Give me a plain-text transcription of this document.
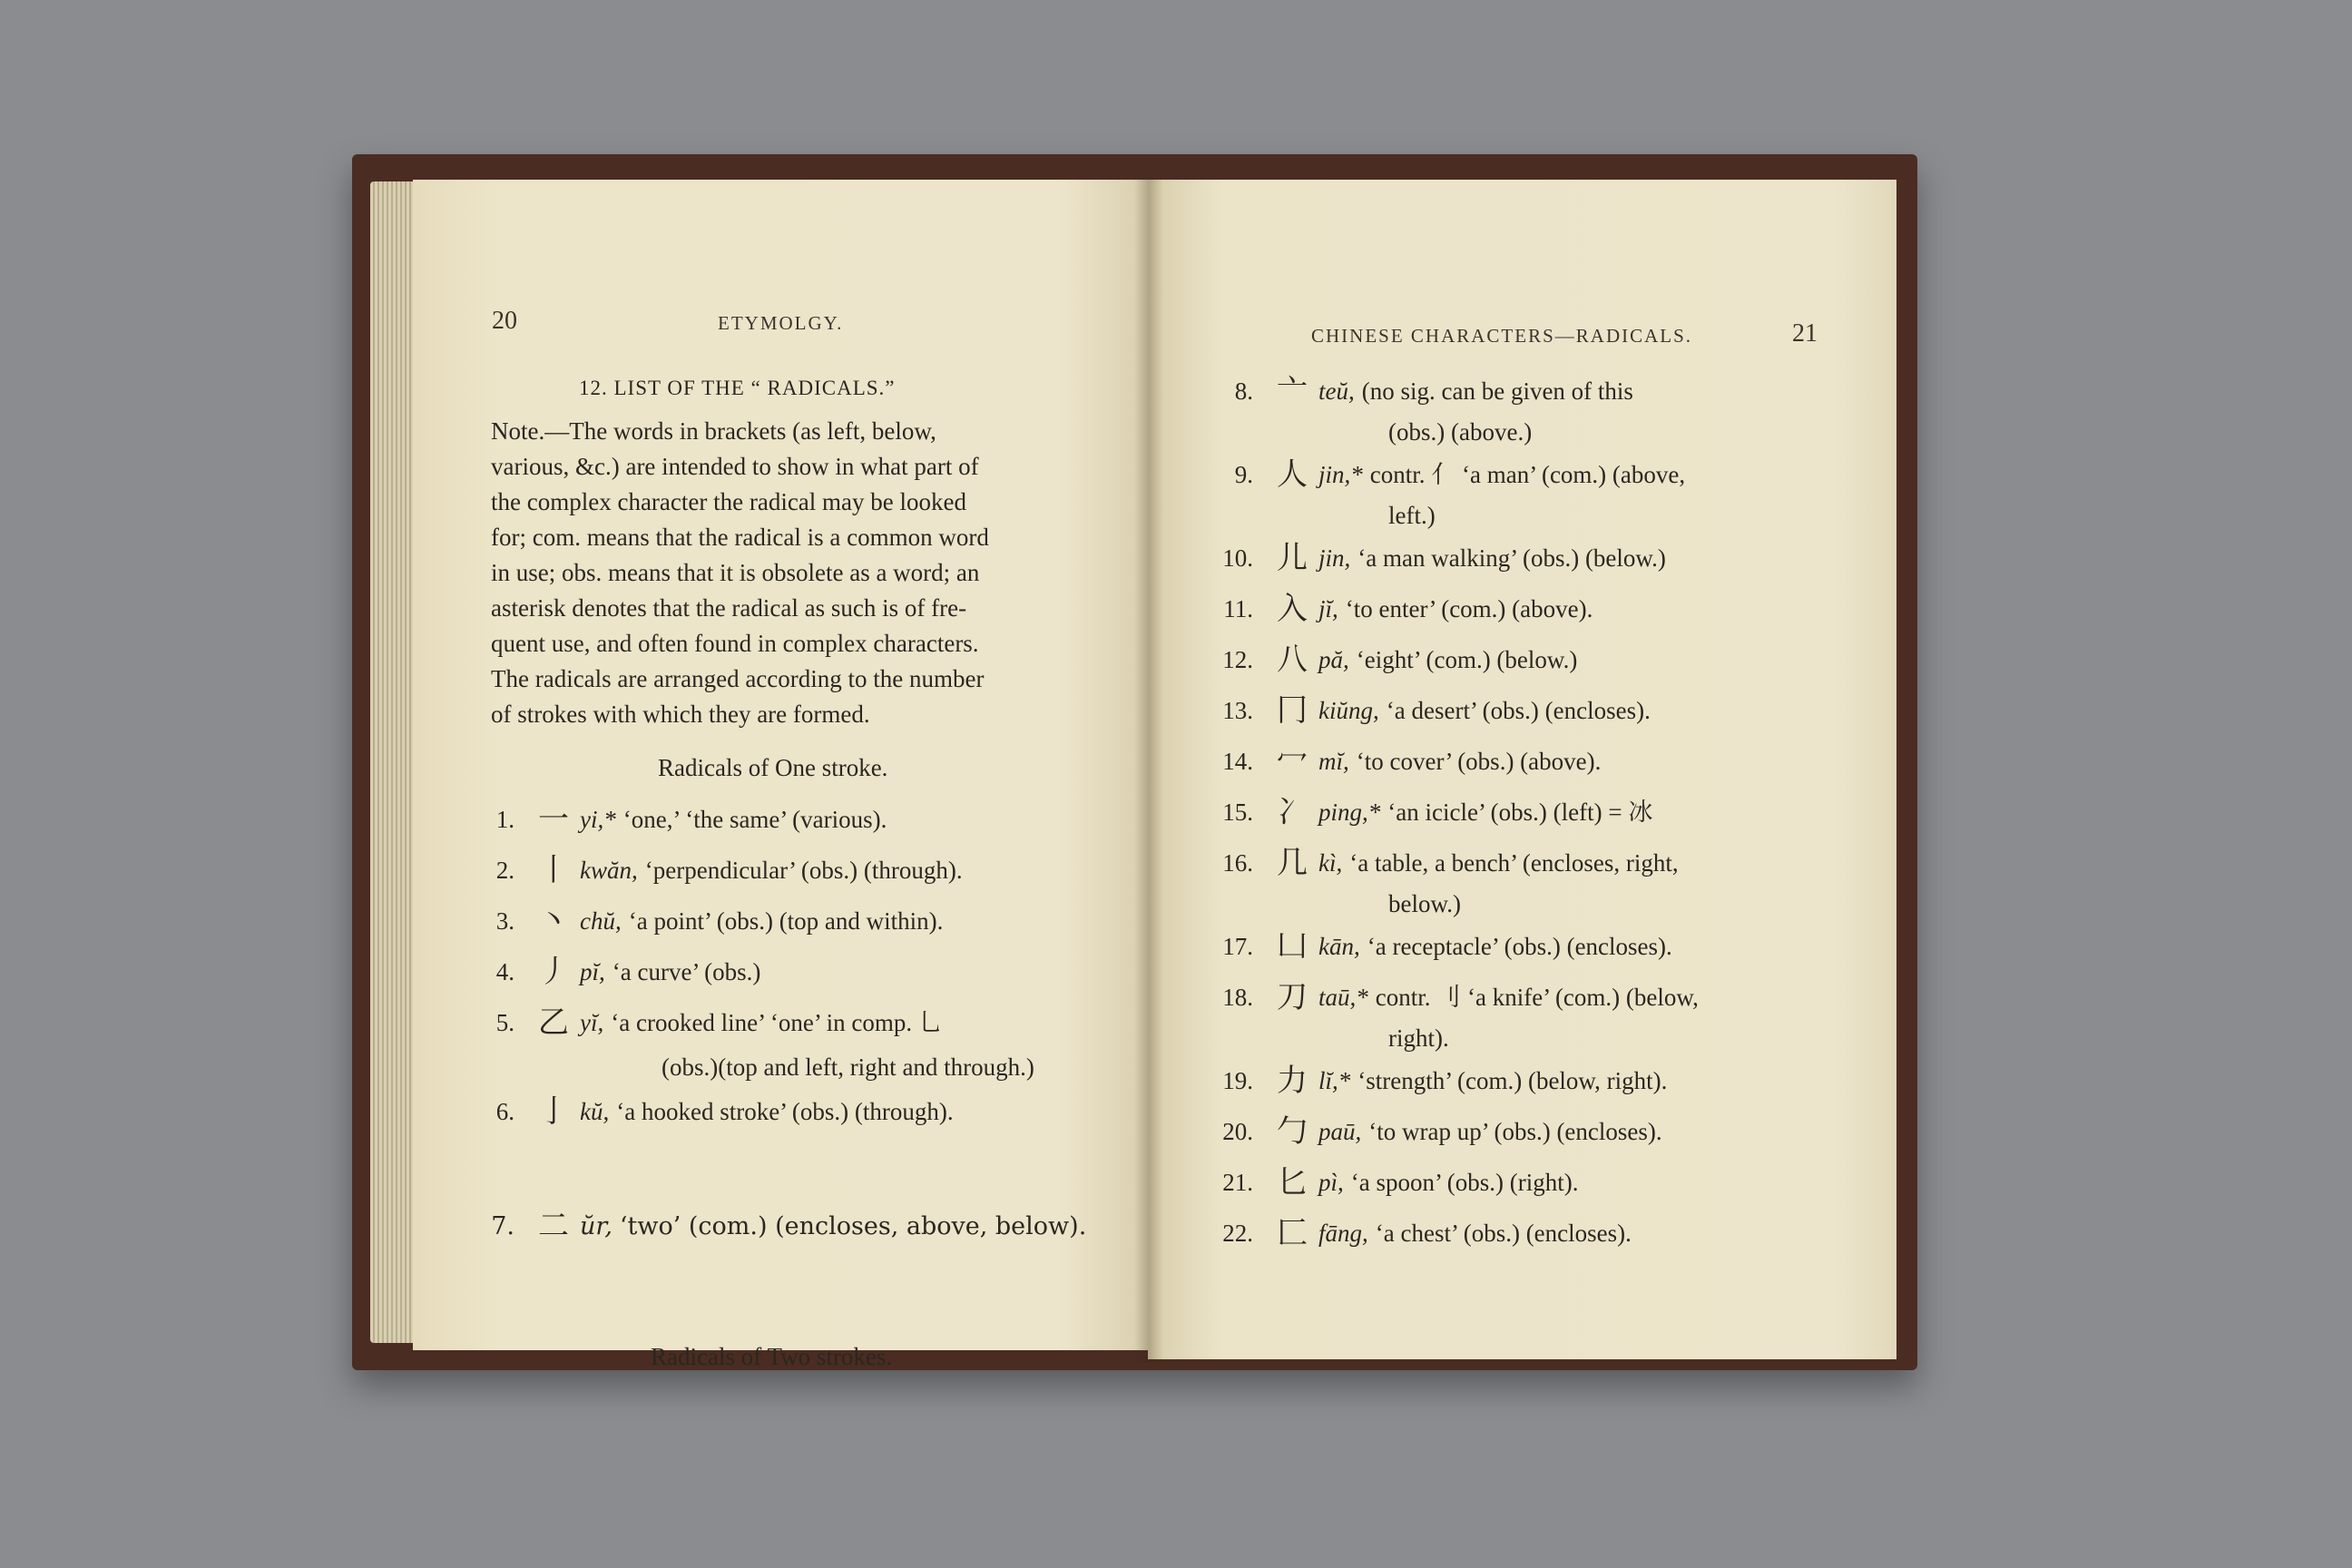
20	ETYMOLGY.
12. LIST OF THE “ RADICALS.”
Note.—The words in brackets (as left, below,
various, &c.) are intended to show in what part of
the complex character the radical may be looked
for; com. means that the radical is a common word
in use; obs. means that it is obsolete as a word; an
asterisk denotes that the radical as such is of fre-
quent use, and often found in complex characters.
The radicals are arranged according to the number
of strokes with which they are formed.
Radicals of One stroke.
1. 一 yi,* ‘one,’ ‘the same’ (various).
2. 丨 kwăn, ‘perpendicular’ (obs.) (through).
3. 丶 chŭ, ‘a point’ (obs.) (top and within).
4. 丿 pĭ, ‘a curve’ (obs.)
5. 乙 yĭ, ‘a crooked line’ ‘one’ in comp. ⺃
(obs.)(top and left, right and through.)
6. 亅 kŭ, ‘a hooked stroke’ (obs.) (through).
Radicals of Two strokes.
7. 二 ŭr, ‘two’ (com.) (encloses, above, below).
CHINESE CHARACTERS—RADICALS.	21
8. 亠 teŭ, (no sig. can be given of this
(obs.) (above.)
9. 人 jin,* contr. 亻 ‘a man’ (com.) (above,
left.)
10. 儿 jin, ‘a man walking’ (obs.) (below.)
11. 入 jĭ, ‘to enter’ (com.) (above).
12. 八 pă, ‘eight’ (com.) (below.)
13. 冂 kiŭng, ‘a desert’ (obs.) (encloses).
14. 冖 mĭ, ‘to cover’ (obs.) (above).
15. 冫 ping,* ‘an icicle’ (obs.) (left) = 冰
16. 几 kì, ‘a table, a bench’ (encloses, right,
below.)
17. 凵 kān, ‘a receptacle’ (obs.) (encloses).
18. 刀 taū,* contr. 刂 ‘a knife’ (com.) (below,
right).
19. 力 lĭ,* ‘strength’ (com.) (below, right).
20. 勹 paū, ‘to wrap up’ (obs.) (encloses).
21. 匕 pì, ‘a spoon’ (obs.) (right).
22. 匚 fāng, ‘a chest’ (obs.) (encloses).
